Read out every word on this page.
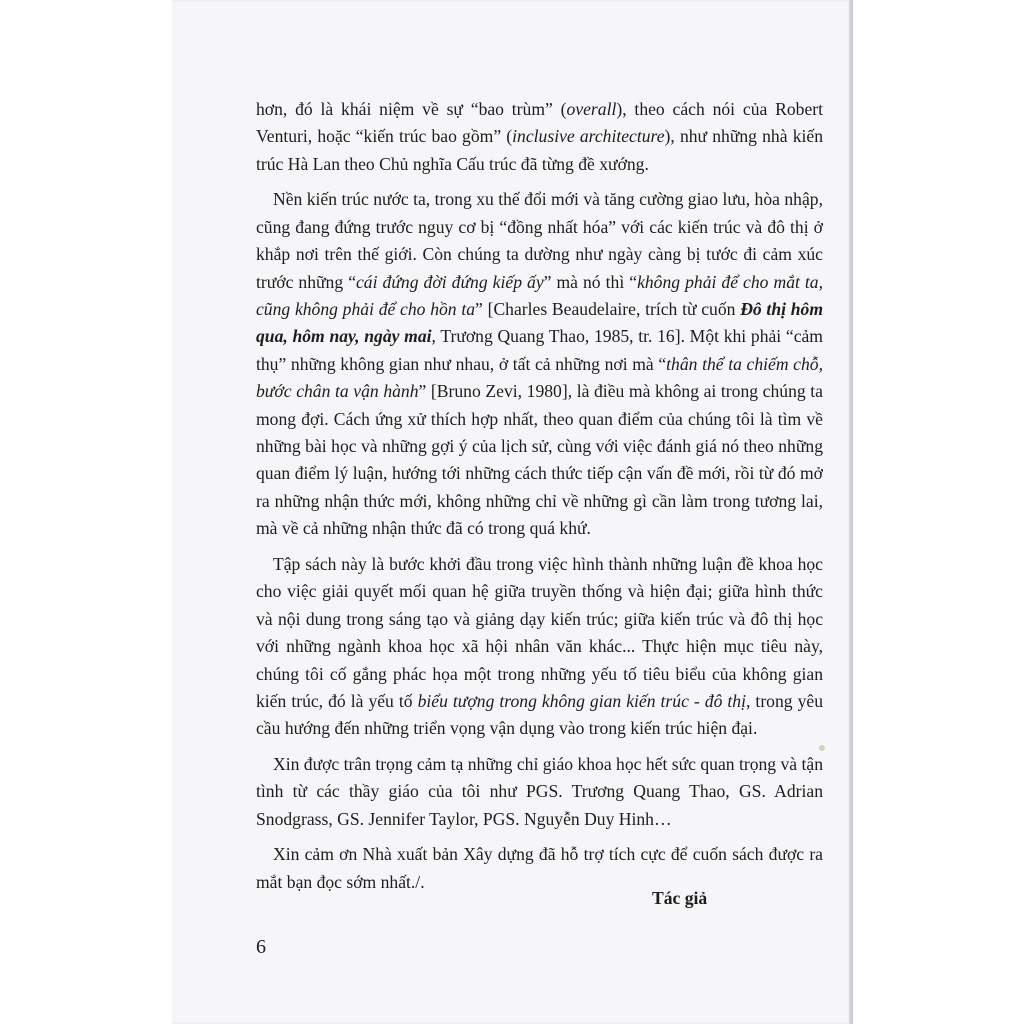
hơn, đó là khái niệm về sự “bao trùm” (overall), theo cách nói của Robert Venturi, hoặc “kiến trúc bao gồm” (inclusive architecture), như những nhà kiến trúc Hà Lan theo Chủ nghĩa Cấu trúc đã từng đề xướng.

Nền kiến trúc nước ta, trong xu thế đổi mới và tăng cường giao lưu, hòa nhập, cũng đang đứng trước nguy cơ bị “đồng nhất hóa” với các kiến trúc và đô thị ở khắp nơi trên thế giới. Còn chúng ta dường như ngày càng bị tước đi cảm xúc trước những “cái đứng đời đứng kiếp ấy” mà nó thì “không phải để cho mắt ta, cũng không phải để cho hồn ta” [Charles Beaudelaire, trích từ cuốn Đô thị hôm qua, hôm nay, ngày mai, Trương Quang Thao, 1985, tr. 16]. Một khi phải “cảm thụ” những không gian như nhau, ở tất cả những nơi mà “thân thể ta chiếm chỗ, bước chân ta vận hành” [Bruno Zevi, 1980], là điều mà không ai trong chúng ta mong đợi. Cách ứng xử thích hợp nhất, theo quan điểm của chúng tôi là tìm về những bài học và những gợi ý của lịch sử, cùng với việc đánh giá nó theo những quan điểm lý luận, hướng tới những cách thức tiếp cận vấn đề mới, rồi từ đó mở ra những nhận thức mới, không những chỉ về những gì cần làm trong tương lai, mà về cả những nhận thức đã có trong quá khứ.

Tập sách này là bước khởi đầu trong việc hình thành những luận đề khoa học cho việc giải quyết mối quan hệ giữa truyền thống và hiện đại; giữa hình thức và nội dung trong sáng tạo và giảng dạy kiến trúc; giữa kiến trúc và đô thị học với những ngành khoa học xã hội nhân văn khác... Thực hiện mục tiêu này, chúng tôi cố gắng phác họa một trong những yếu tố tiêu biểu của không gian kiến trúc, đó là yếu tố biểu tượng trong không gian kiến trúc - đô thị, trong yêu cầu hướng đến những triển vọng vận dụng vào trong kiến trúc hiện đại.

Xin được trân trọng cảm tạ những chỉ giáo khoa học hết sức quan trọng và tận tình từ các thầy giáo của tôi như PGS. Trương Quang Thao, GS. Adrian Snodgrass, GS. Jennifer Taylor, PGS. Nguyễn Duy Hinh…

Xin cảm ơn Nhà xuất bản Xây dựng đã hỗ trợ tích cực để cuốn sách được ra mắt bạn đọc sớm nhất./.

Tác giả
6
